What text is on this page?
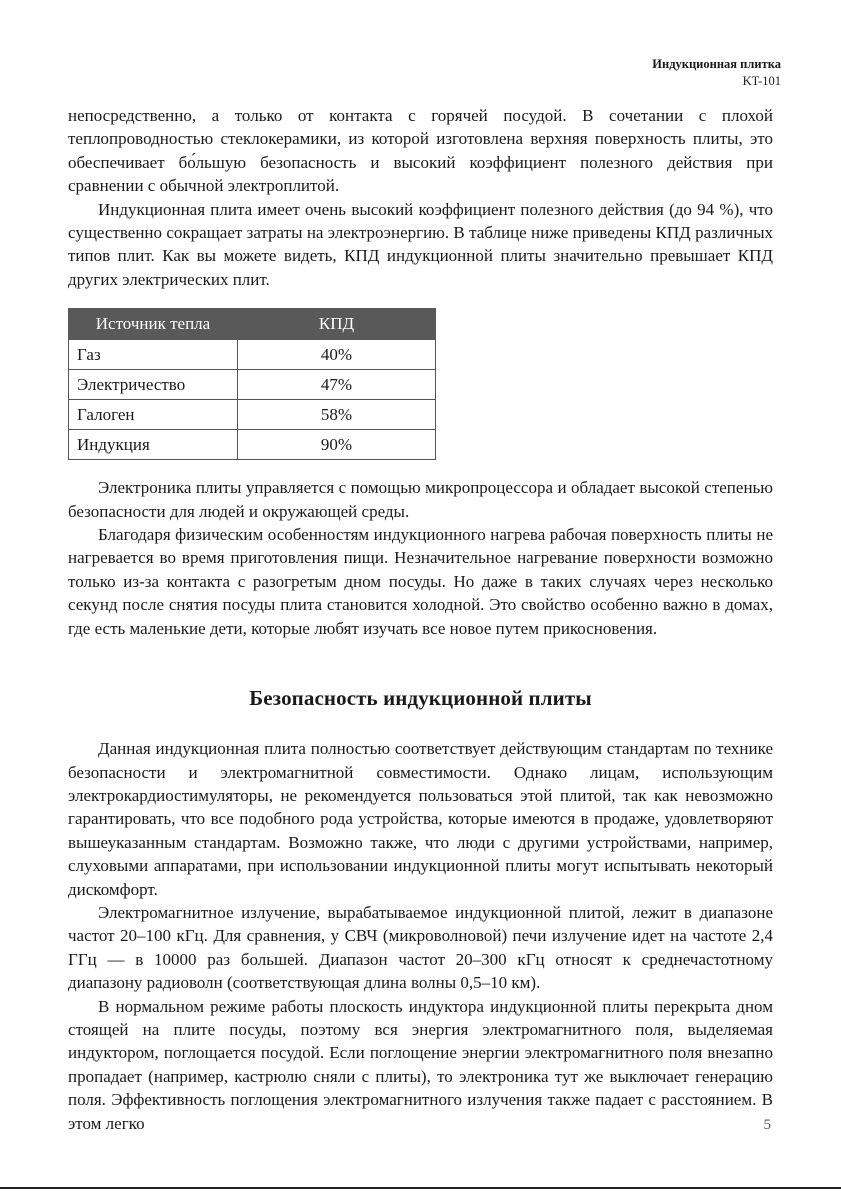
Индукционная плитка
KT-101

непосредственно, а только от контакта с горячей посудой. В сочетании с плохой теплопроводностью стеклокерамики, из которой изготовлена верхняя поверхность плиты, это обеспечивает бо́льшую безопасность и высокий коэффициент полезного действия при сравнении с обычной электроплитой.

Индукционная плита имеет очень высокий коэффициент полезного действия (до 94 %), что существенно сокращает затраты на электроэнергию. В таблице ниже приведены КПД различных типов плит. Как вы можете видеть, КПД индукционной плиты значительно превышает КПД других электрических плит.

Источник тепла	КПД
Газ	40%
Электричество	47%
Галоген	58%
Индукция	90%

Электроника плиты управляется с помощью микропроцессора и обладает высокой степенью безопасности для людей и окружающей среды.

Благодаря физическим особенностям индукционного нагрева рабочая поверхность плиты не нагревается во время приготовления пищи. Незначительное нагревание поверхности возможно только из-за контакта с разогретым дном посуды. Но даже в таких случаях через несколько секунд после снятия посуды плита становится холодной. Это свойство особенно важно в домах, где есть маленькие дети, которые любят изучать все новое путем прикосновения.

Безопасность индукционной плиты

Данная индукционная плита полностью соответствует действующим стандартам по технике безопасности и электромагнитной совместимости. Однако лицам, использующим электрокардиостимуляторы, не рекомендуется пользоваться этой плитой, так как невозможно гарантировать, что все подобного рода устройства, которые имеются в продаже, удовлетворяют вышеуказанным стандартам. Возможно также, что люди с другими устройствами, например, слуховыми аппаратами, при использовании индукционной плиты могут испытывать некоторый дискомфорт.

Электромагнитное излучение, вырабатываемое индукционной плитой, лежит в диапазоне частот 20–100 кГц. Для сравнения, у СВЧ (микроволновой) печи излучение идет на частоте 2,4 ГГц — в 10000 раз большей. Диапазон частот 20–300 кГц относят к среднечастотному диапазону радиоволн (соответствующая длина волны 0,5–10 км).

В нормальном режиме работы плоскость индуктора индукционной плиты перекрыта дном стоящей на плите посуды, поэтому вся энергия электромагнитного поля, выделяемая индуктором, поглощается посудой. Если поглощение энергии электромагнитного поля внезапно пропадает (например, кастрюлю сняли с плиты), то электроника тут же выключает генерацию поля. Эффективность поглощения электромагнитного излучения также падает с расстоянием. В этом легко	5
